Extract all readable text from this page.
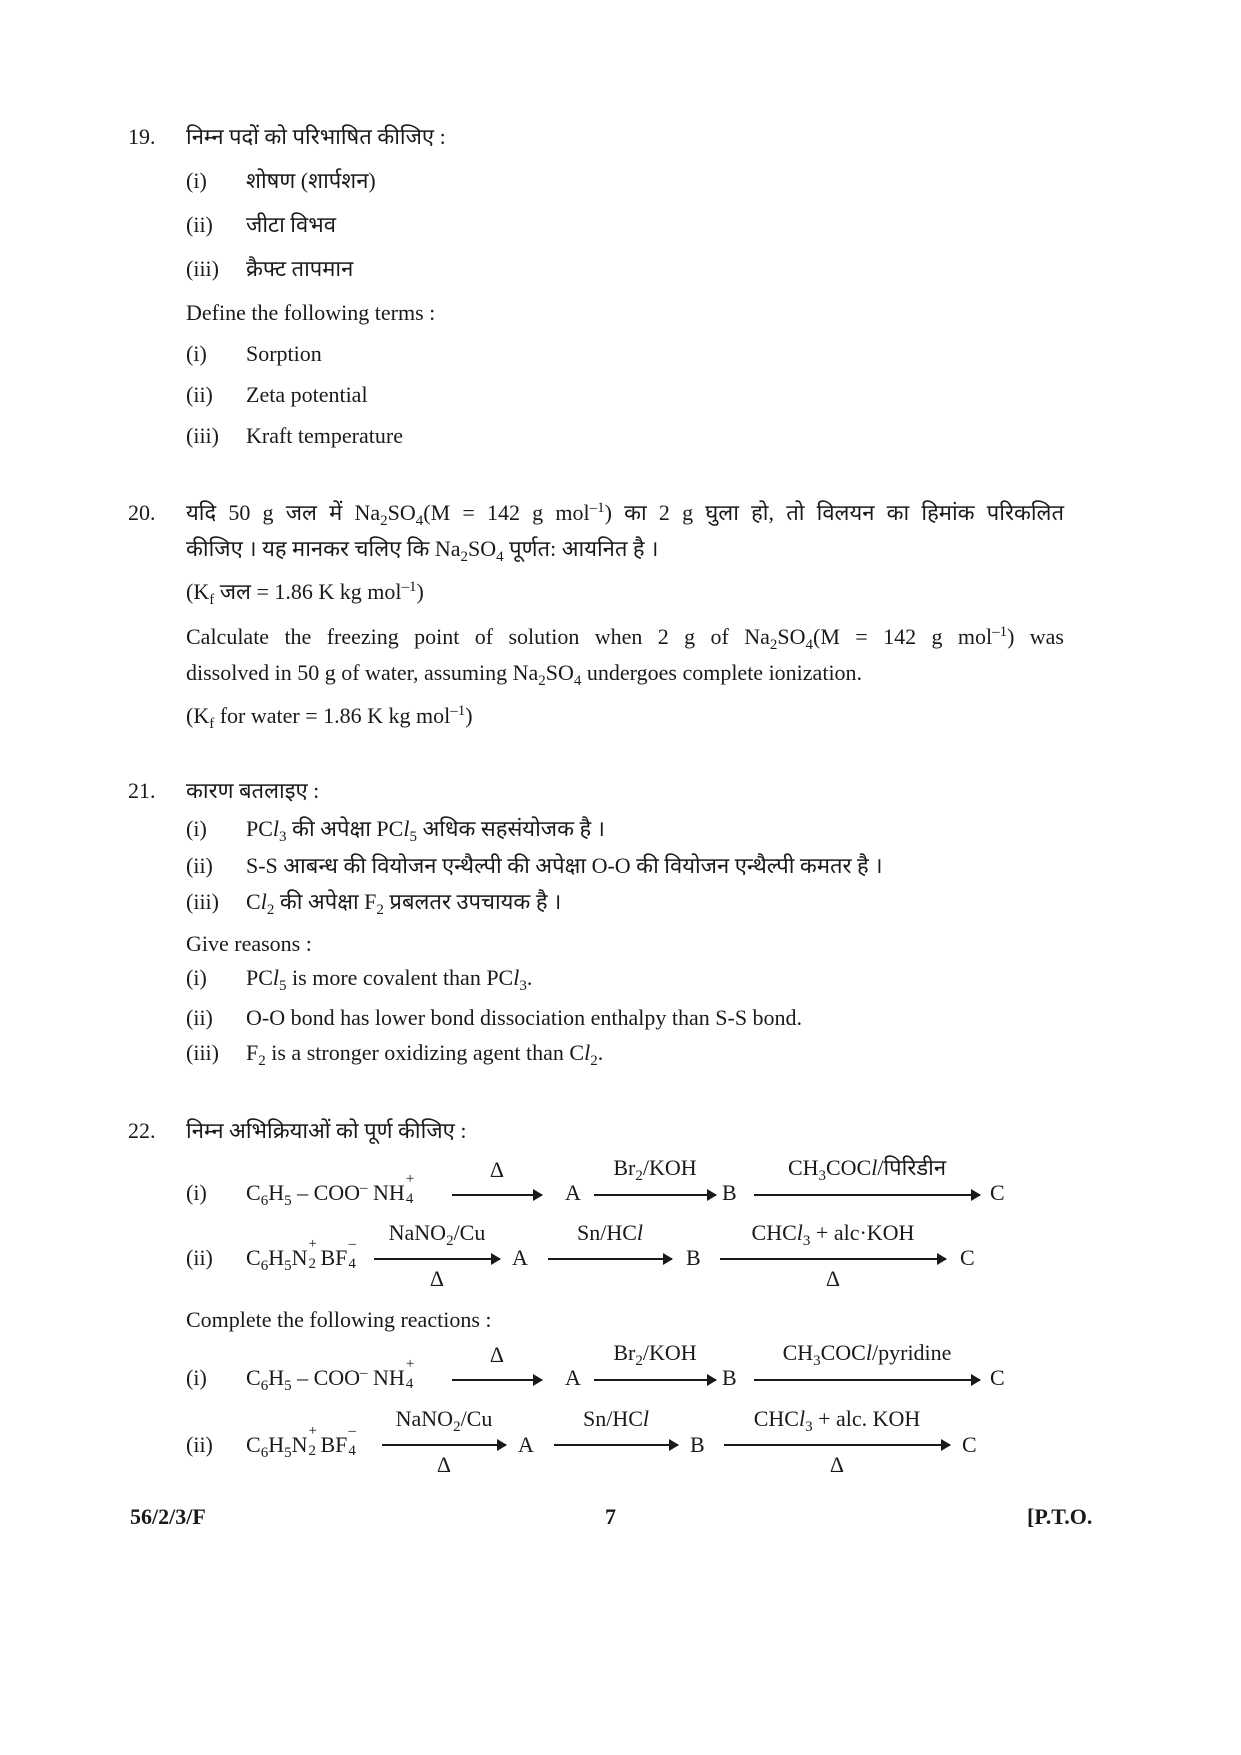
19. निम्न पदों को परिभाषित कीजिए :
(i) शोषण (शार्पशन)
(ii) जीटा विभव
(iii) क्रैफ्ट तापमान
Define the following terms :
(i) Sorption
(ii) Zeta potential
(iii) Kraft temperature
20. यदि 50 g जल में $Na_2SO_4(M = 142$ g mol$^{-1}$) का 2 g घुला हो, तो विलयन का हिमांक परिकलित
कीजिए । यह मानकर चलिए कि $Na_2SO_4$ पूर्णत: आयनित है ।
($K_f$ जल = 1.86 K kg mol$^{-1}$)
Calculate the freezing point of solution when 2 g of $Na_2SO_4(M = 142$ g mol$^{-1}$) was
dissolved in 50 g of water, assuming $Na_2SO_4$ undergoes complete ionization.
($K_f$ for water = 1.86 K kg mol$^{-1}$)
21. कारण बतलाइए :
(i) PCl$_3$ की अपेक्षा PCl$_5$ अधिक सहसंयोजक है ।
(ii) S-S आबन्ध की वियोजन एन्थैल्पी की अपेक्षा O-O की वियोजन एन्थैल्पी कमतर है ।
(iii) $Cl_2$ की अपेक्षा $F_2$ प्रबलतर उपचायक है ।
Give reasons :
(i) PCl$_5$ is more covalent than PCl$_3$.
(ii) O-O bond has lower bond dissociation enthalpy than S-S bond.
(iii) $F_2$ is a stronger oxidizing agent than $Cl_2$.
22. निम्न अभिक्रियाओं को पूर्ण कीजिए :
(i) $C_6H_5 - COO^-$ NH
+
4
Δ
A
$Br_2$/KOH
B
$CH_3COCl/पिरिडीन$
C
(ii) $C_6H_5N$
+
2 BF
–
4
NaNO$_2$/Cu
Δ
A
Sn/HCl
B
CHCl$_3$ + alc·KOH
Δ
C
Complete the following reactions :
(i) $C_6H_5 - COO^-$ NH
+
4
Δ
A
$Br_2$/KOH
B
$CH_3COCl$/pyridine
C
(ii) $C_6H_5N$
+
2 BF
–
4
NaNO$_2$/Cu
Δ
A
Sn/HCl
B
CHCl$_3$ + alc. KOH
Δ
C
56/2/3/F	7	[P.T.O.
